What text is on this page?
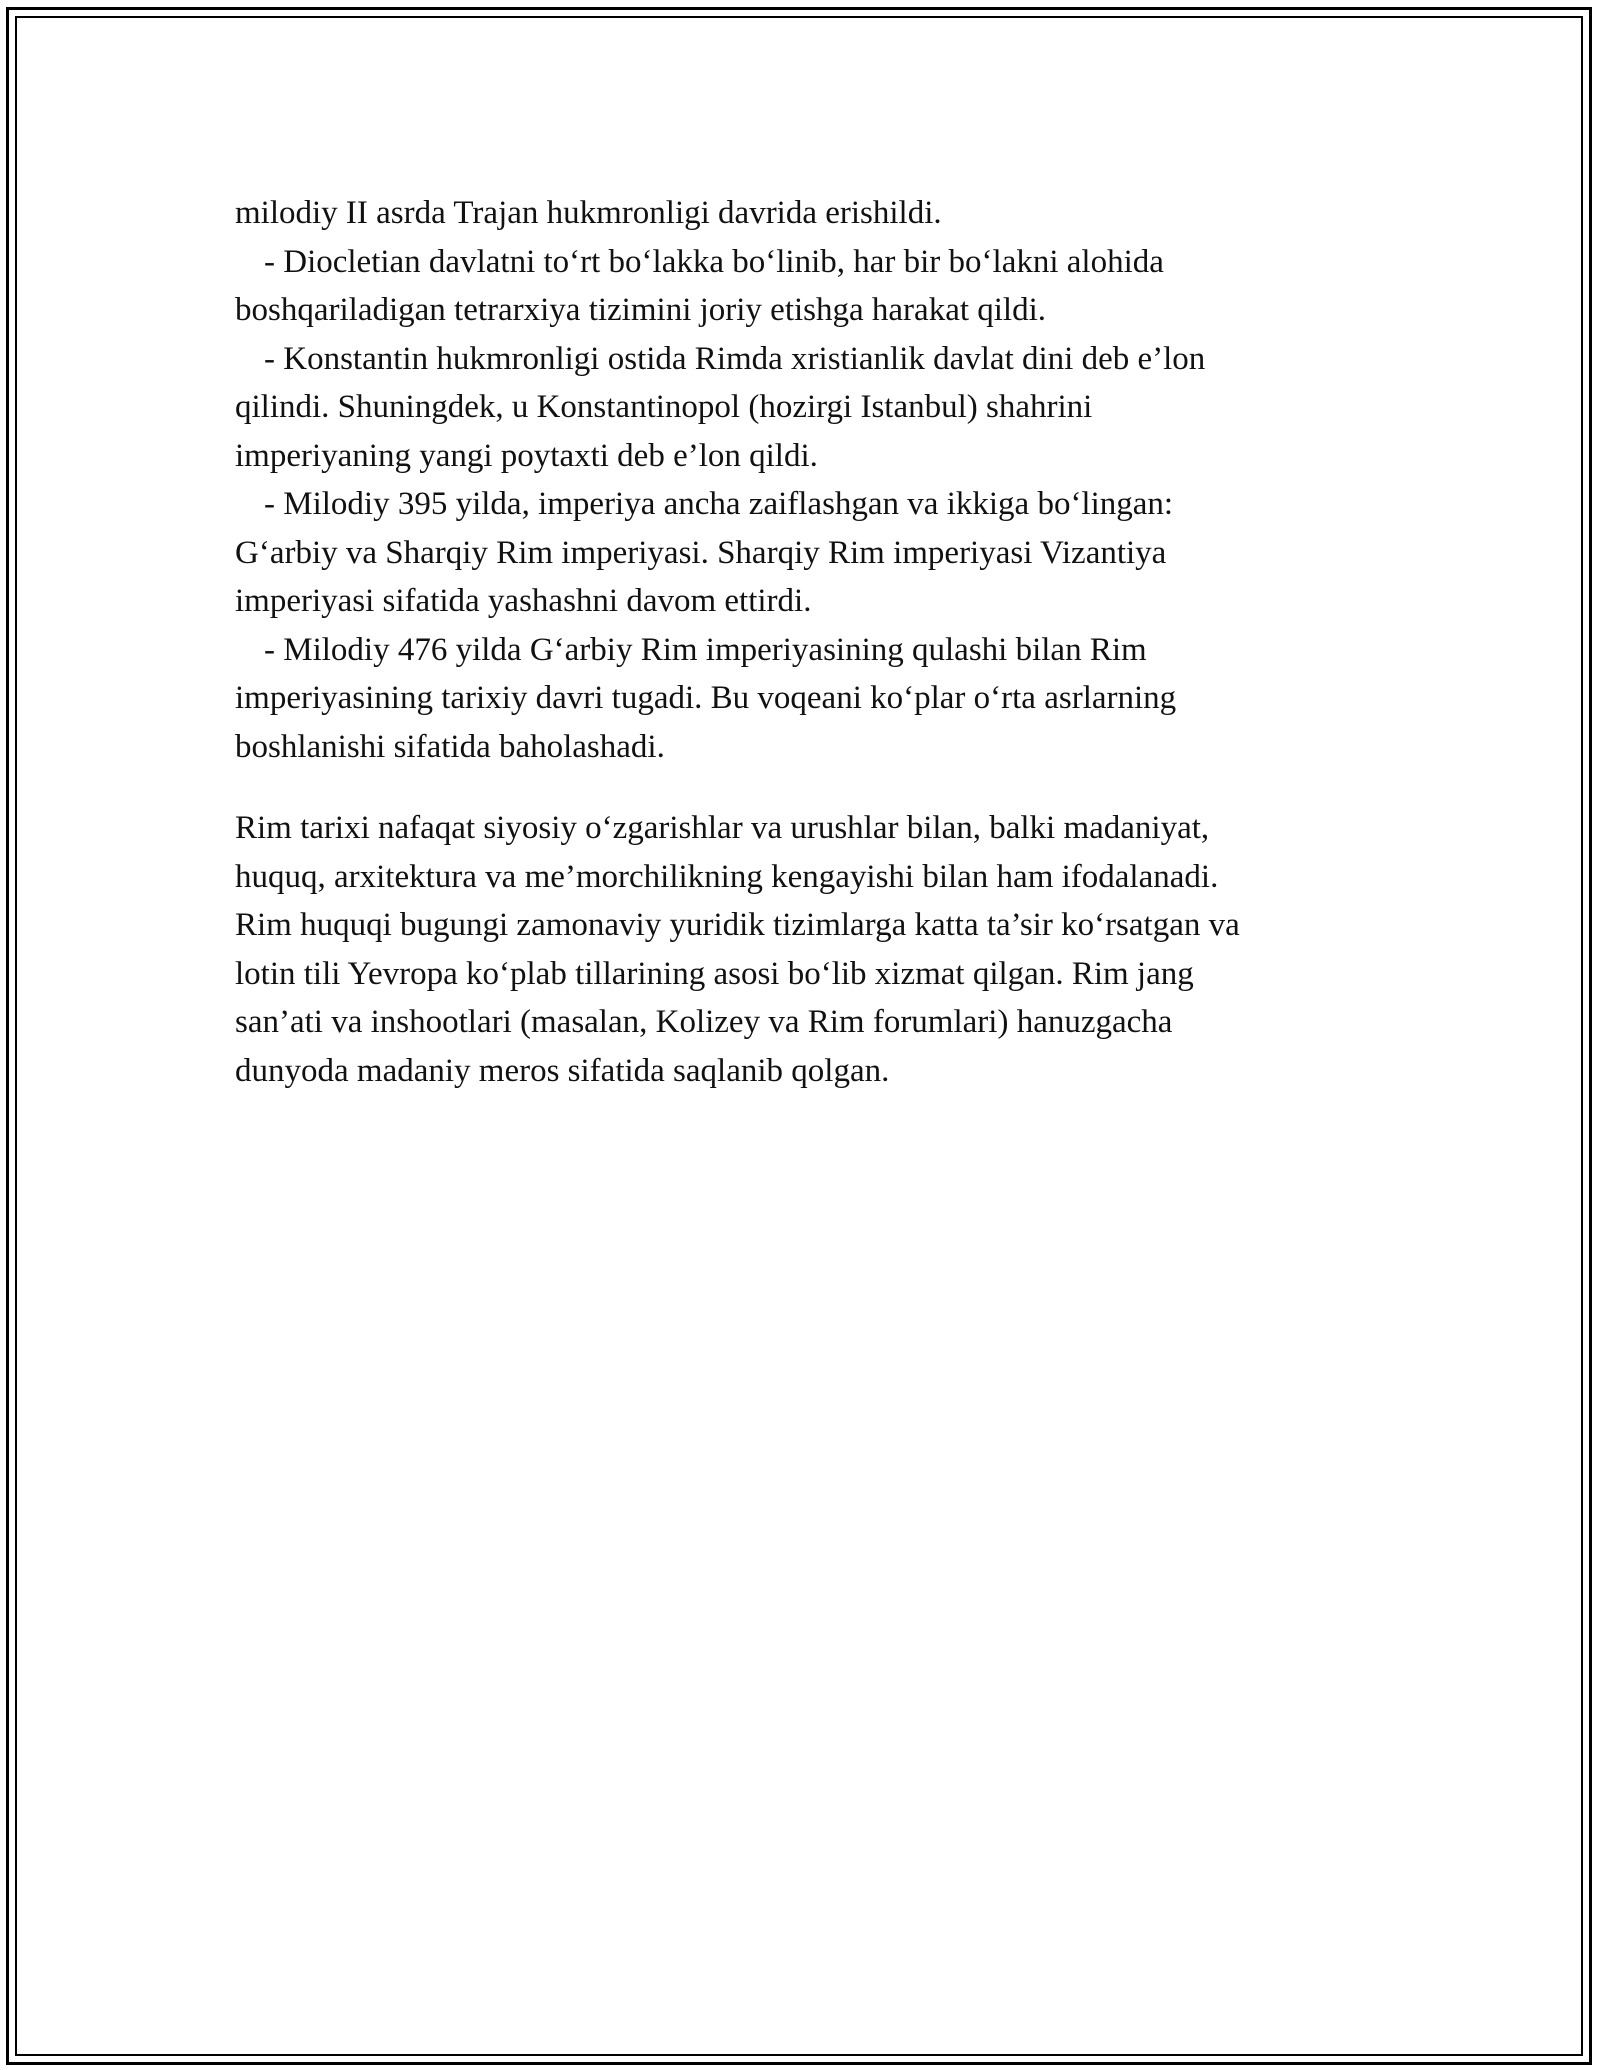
milodiy II asrda Trajan hukmronligi davrida erishildi.
- Diocletian davlatni to‘rt bo‘lakka bo‘linib, har bir bo‘lakni alohida
boshqariladigan tetrarxiya tizimini joriy etishga harakat qildi.
- Konstantin hukmronligi ostida Rimda xristianlik davlat dini deb e’lon
qilindi. Shuningdek, u Konstantinopol (hozirgi Istanbul) shahrini
imperiyaning yangi poytaxti deb e’lon qildi.
- Milodiy 395 yilda, imperiya ancha zaiflashgan va ikkiga bo‘lingan:
G‘arbiy va Sharqiy Rim imperiyasi. Sharqiy Rim imperiyasi Vizantiya
imperiyasi sifatida yashashni davom ettirdi.
- Milodiy 476 yilda G‘arbiy Rim imperiyasining qulashi bilan Rim
imperiyasining tarixiy davri tugadi. Bu voqeani ko‘plar o‘rta asrlarning
boshlanishi sifatida baholashadi.
Rim tarixi nafaqat siyosiy o‘zgarishlar va urushlar bilan, balki madaniyat,
huquq, arxitektura va me’morchilikning kengayishi bilan ham ifodalanadi.
Rim huquqi bugungi zamonaviy yuridik tizimlarga katta ta’sir ko‘rsatgan va
lotin tili Yevropa ko‘plab tillarining asosi bo‘lib xizmat qilgan. Rim jang
san’ati va inshootlari (masalan, Kolizey va Rim forumlari) hanuzgacha
dunyoda madaniy meros sifatida saqlanib qolgan.
